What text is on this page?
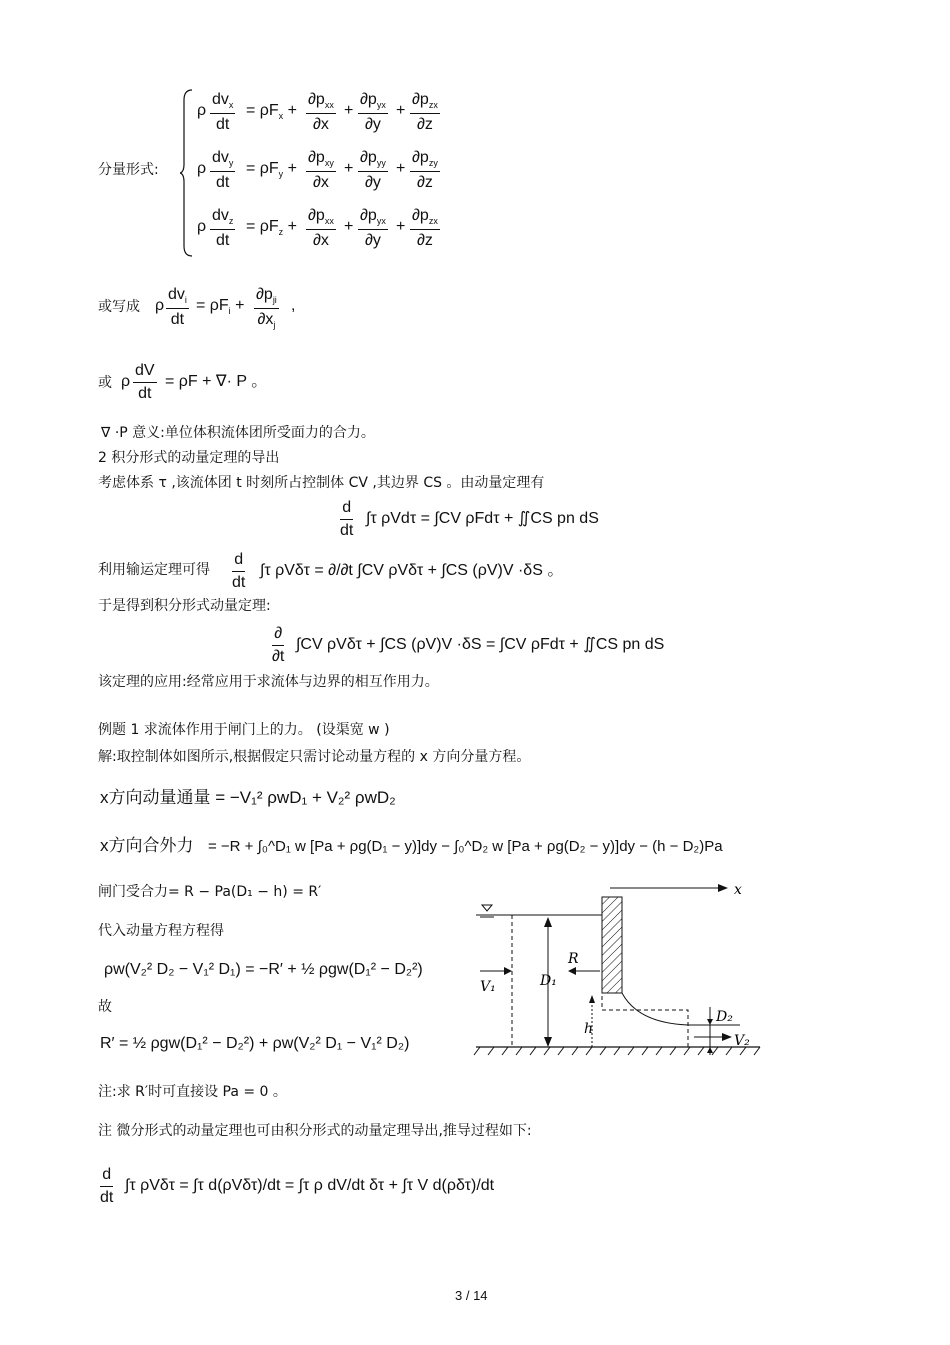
分量形式:
ρ
$dv_x$
dt
= $\rho F_x$ +
$\partial p_{xx}$
∂x
+
$\partial p_{yx}$
∂y
+
$\partial p_{zx}$
∂z
ρ
$dv_y$
dt
= $\rho F_y$ +
$\partial p_{xy}$
∂x
+
$\partial p_{yy}$
∂y
+
$\partial p_{zy}$
∂z
ρ
$dv_z$
dt
= $\rho F_z$ +
$\partial p_{xx}$
∂x
+
$\partial p_{yx}$
∂y
+
$\partial p_{zx}$
∂z
或写成 ρ
$dv_i$
dt
= $\rho F_i$ +
$\partial p_{ji}$
$\partial x_j$
,
或 ρ $\frac{dV}{dt} = \rho F$ + ∇· P 。
∇ ·P 意义:单位体积流体团所受面力的合力。
2 积分形式的动量定理的导出
考虑体系 τ ,该流体团 t 时刻所占控制体 CV ,其边界 CS 。由动量定理有
$\frac{d}{dt} \int\tau$ ρVdτ = ∫CV ρFdτ + ∬CS pn dS
利用输运定理可得 $\frac{d}{dt} \int\tau$ ρVδτ = ∂/∂t ∫CV ρVδτ + ∫CS (ρV)V ·δS 。
于是得到积分形式动量定理:
∂
∂t
∫CV ρVδτ + ∫CS (ρV)V ·δS = ∫CV ρFdτ + ∬CS pn dS
该定理的应用:经常应用于求流体与边界的相互作用力。
例题 1 求流体作用于闸门上的力。 (设渠宽 w )
解:取控制体如图所示,根据假定只需讨论动量方程的 x 方向分量方程。
x方向动量通量 = −V₁² ρwD₁ + V₂² ρwD₂
x方向合外力 = −R + ∫₀^D₁ w [Pa + ρg(D₁ − y)]dy − ∫₀^D₂ w [Pa + ρg(D₂ − y)]dy − (h − D₂)Pa
闸门受合力= R − Pa(D₁ − h) = R′
代入动量方程方程得
ρw(V₂² D₂ − V₁² D₁) = −R′ + ½ ρgw(D₁² − D₂²)
故
R′ = ½ ρgw(D₁² − D₂²) + ρw(V₂² D₁ − V₁² D₂)
注:求 R′时可直接设 Pa = 0 。
注 微分形式的动量定理也可由积分形式的动量定理导出,推导过程如下:
$\frac{d}{dt} \int\tau$ ρVδτ = ∫τ d(ρVδτ)/dt = ∫τ ρ dV/dt δτ + ∫τ V d(ρδτ)/dt
x
D₁
R
V₁
h
D₂
V₂
3 / 14
